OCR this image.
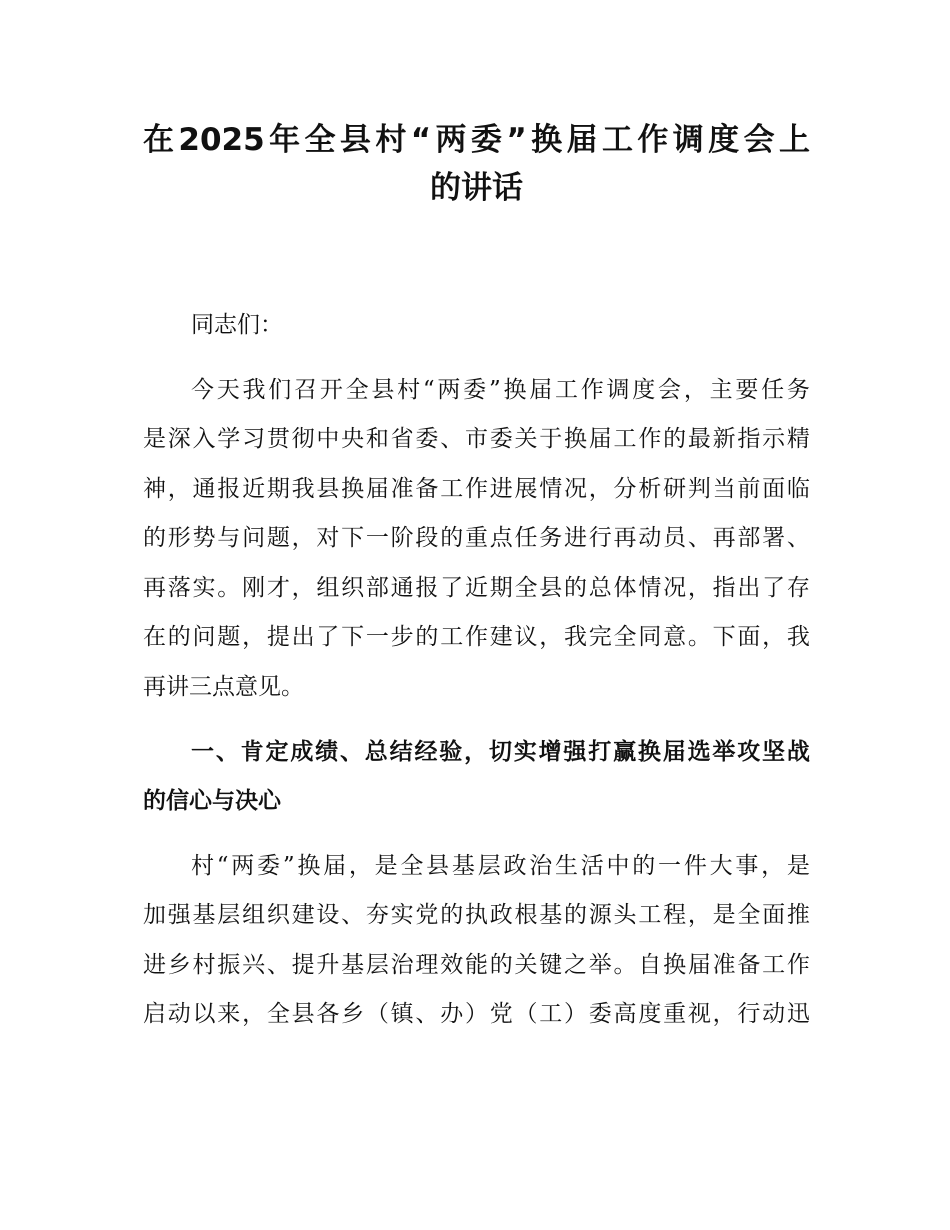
在2025年全县村“两委”换届工作调度会上
的讲话
同志们：
今天我们召开全县村“两委”换届工作调度会，主要任务
是深入学习贯彻中央和省委、市委关于换届工作的最新指示精
神，通报近期我县换届准备工作进展情况，分析研判当前面临
的形势与问题，对下一阶段的重点任务进行再动员、再部署、
再落实。刚才，组织部通报了近期全县的总体情况，指出了存
在的问题，提出了下一步的工作建议，我完全同意。下面，我
再讲三点意见。
一、肯定成绩、总结经验，切实增强打赢换届选举攻坚战
的信心与决心
村“两委”换届，是全县基层政治生活中的一件大事，是
加强基层组织建设、夯实党的执政根基的源头工程，是全面推
进乡村振兴、提升基层治理效能的关键之举。自换届准备工作
启动以来，全县各乡（镇、办）党（工）委高度重视，行动迅
